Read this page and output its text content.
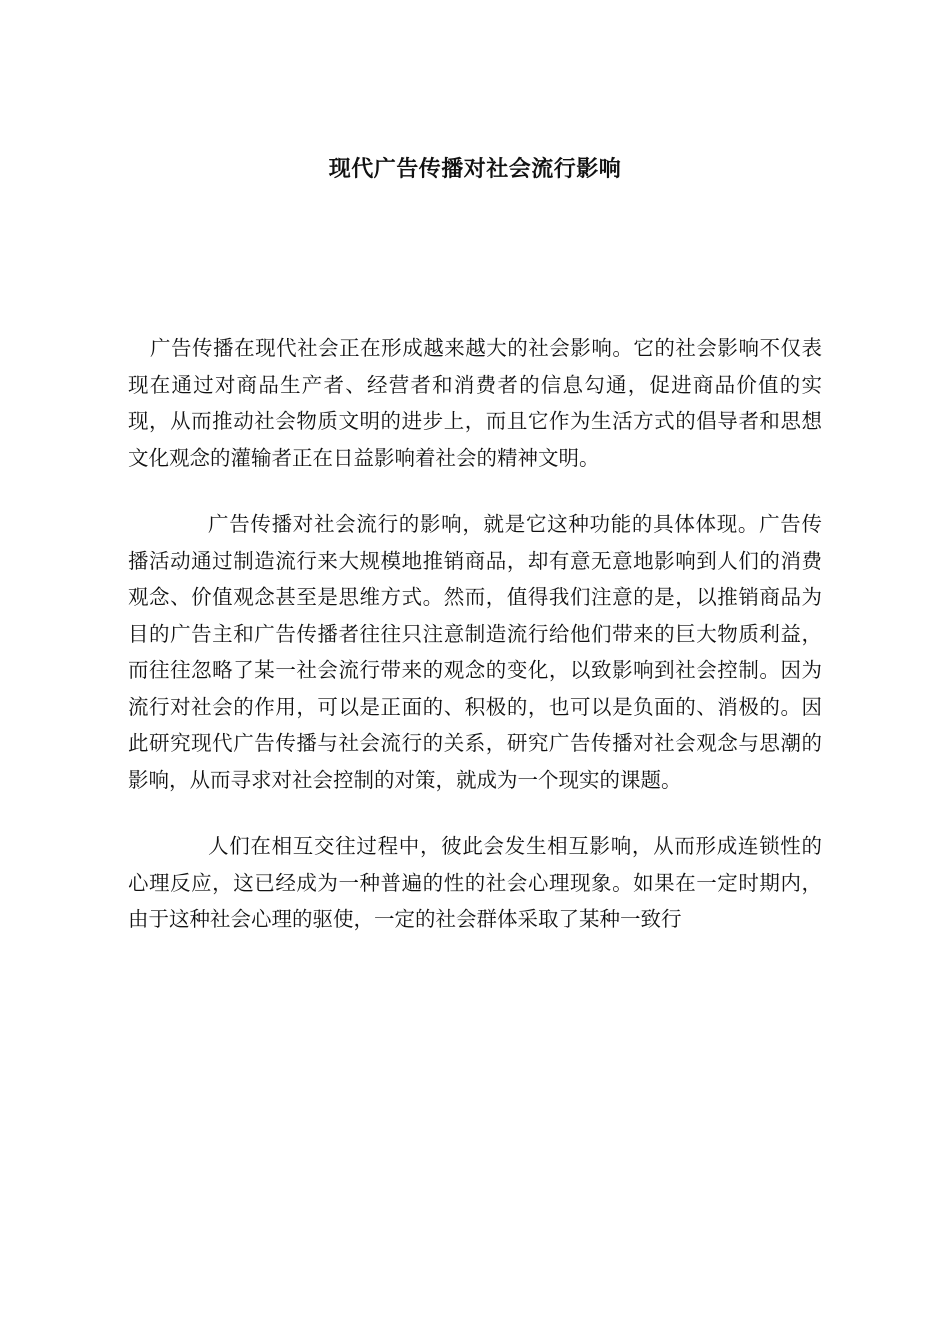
现代广告传播对社会流行影响

广告传播在现代社会正在形成越来越大的社会影响。它的社会影响不仅表现在通过对商品生产者、经营者和消费者的信息勾通，促进商品价值的实现，从而推动社会物质文明的进步上，而且它作为生活方式的倡导者和思想文化观念的灌输者正在日益影响着社会的精神文明。

广告传播对社会流行的影响，就是它这种功能的具体体现。广告传播活动通过制造流行来大规模地推销商品，却有意无意地影响到人们的消费观念、价值观念甚至是思维方式。然而，值得我们注意的是，以推销商品为目的广告主和广告传播者往往只注意制造流行给他们带来的巨大物质利益，而往往忽略了某一社会流行带来的观念的变化，以致影响到社会控制。因为流行对社会的作用，可以是正面的、积极的，也可以是负面的、消极的。因此研究现代广告传播与社会流行的关系，研究广告传播对社会观念与思潮的影响，从而寻求对社会控制的对策，就成为一个现实的课题。

人们在相互交往过程中，彼此会发生相互影响，从而形成连锁性的心理反应，这已经成为一种普遍的性的社会心理现象。如果在一定时期内，由于这种社会心理的驱使，一定的社会群体采取了某种一致行
